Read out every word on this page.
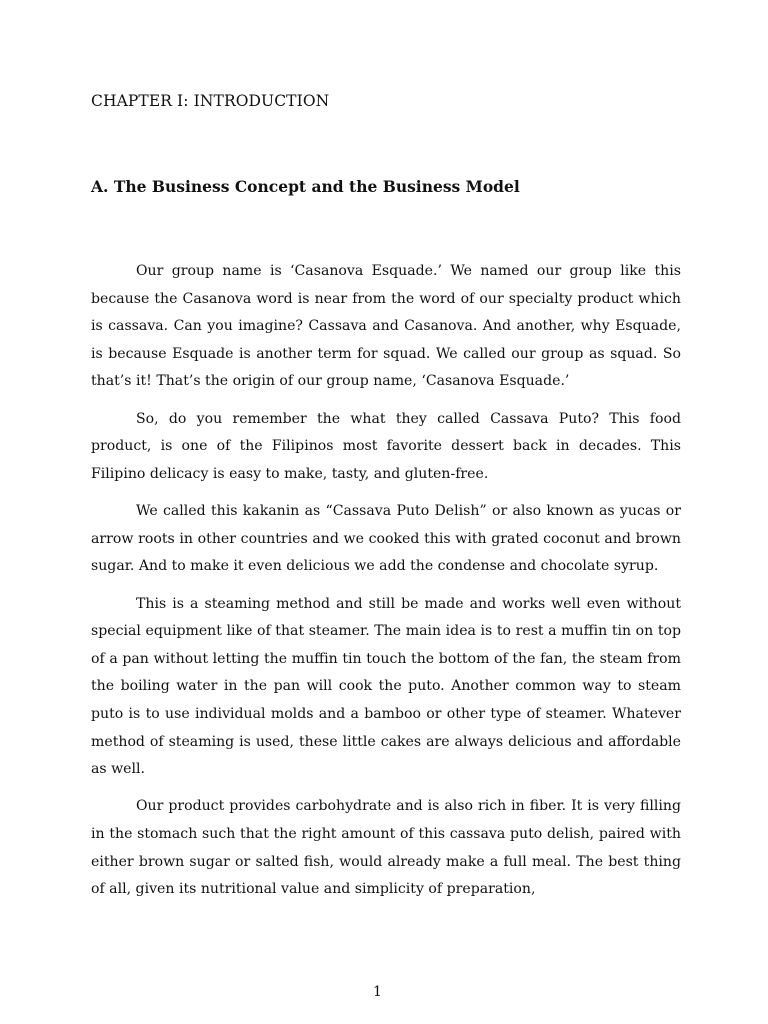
CHAPTER I: INTRODUCTION
A. The Business Concept and the Business Model

Our group name is ‘Casanova Esquade.’ We named our group like this because the Casanova word is near from the word of our specialty product which is cassava. Can you imagine? Cassava and Casanova. And another, why Esquade, is because Esquade is another term for squad. We called our group as squad. So that’s it! That’s the origin of our group name, ‘Casanova Esquade.’

So, do you remember the what they called Cassava Puto? This food product, is one of the Filipinos most favorite dessert back in decades. This Filipino delicacy is easy to make, tasty, and gluten-free.

We called this kakanin as “Cassava Puto Delish” or also known as yucas or arrow roots in other countries and we cooked this with grated coconut and brown sugar. And to make it even delicious we add the condense and chocolate syrup.

This is a steaming method and still be made and works well even without special equipment like of that steamer. The main idea is to rest a muffin tin on top of a pan without letting the muffin tin touch the bottom of the fan, the steam from the boiling water in the pan will cook the puto. Another common way to steam puto is to use individual molds and a bamboo or other type of steamer. Whatever method of steaming is used, these little cakes are always delicious and affordable as well.

Our product provides carbohydrate and is also rich in fiber. It is very filling in the stomach such that the right amount of this cassava puto delish, paired with either brown sugar or salted fish, would already make a full meal. The best thing of all, given its nutritional value and simplicity of preparation,

1
